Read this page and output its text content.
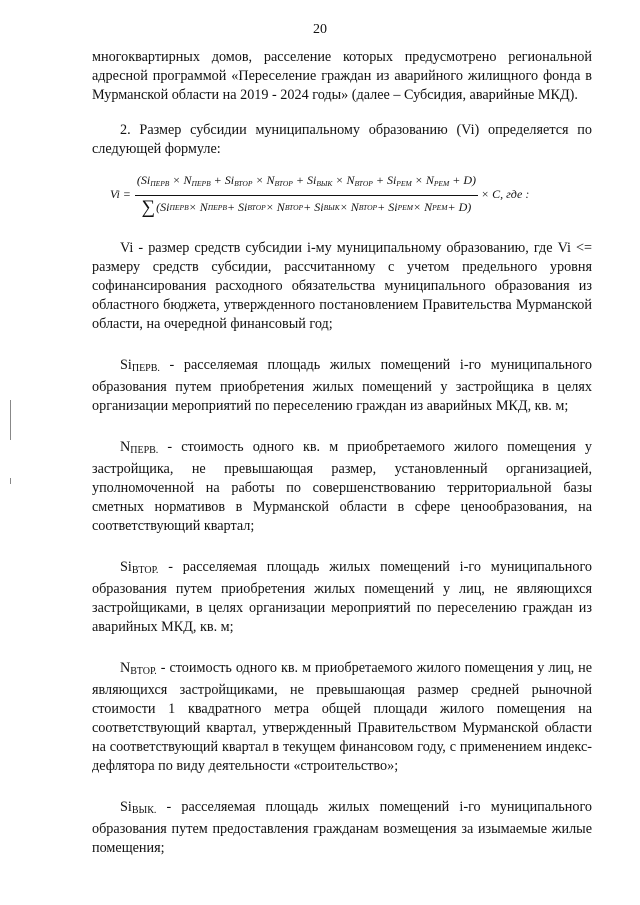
20

многоквартирных домов, расселение которых предусмотрено региональной адресной программой «Переселение граждан из аварийного жилищного фонда в Мурманской области на 2019 - 2024 годы» (далее – Субсидия, аварийные МКД).

2. Размер субсидии муниципальному образованию (Vi) определяется по следующей формуле:

Vi =
$(Si_{ПЕРВ} \times N_{ПЕРВ} + Si_{ВТОР} \times N_{ВТОР} + Si_{ВЫК} \times N_{ВТОР} + Si_{РЕМ} \times N_{РЕМ} + D)$
∑ (Si ПЕРВ × N ПЕРВ + Si ВТОР × N ВТОР + Si ВЫК × N ВТОР + Si РЕМ × N РЕМ + D)
× C, где :

Vi - размер средств субсидии i-му муниципальному образованию, где Vi <= размеру средств субсидии, рассчитанному с учетом предельного уровня софинансирования расходного обязательства муниципального образования из областного бюджета, утвержденного постановлением Правительства Мурманской области, на очередной финансовый год;

SiПЕРВ. - расселяемая площадь жилых помещений i-го муниципального образования путем приобретения жилых помещений у застройщика в целях организации мероприятий по переселению граждан из аварийных МКД, кв. м;

NПЕРВ. - стоимость одного кв. м приобретаемого жилого помещения у застройщика, не превышающая размер, установленный организацией, уполномоченной на работы по совершенствованию территориальной базы сметных нормативов в Мурманской области в сфере ценообразования, на соответствующий квартал;

SiВТОР. - расселяемая площадь жилых помещений i-го муниципального образования путем приобретения жилых помещений у лиц, не являющихся застройщиками, в целях организации мероприятий по переселению граждан из аварийных МКД, кв. м;

NВТОР. - стоимость одного кв. м приобретаемого жилого помещения у лиц, не являющихся застройщиками, не превышающая размер средней рыночной стоимости 1 квадратного метра общей площади жилого помещения на соответствующий квартал, утвержденный Правительством Мурманской области на соответствующий квартал в текущем финансовом году, с применением индекс-дефлятора по виду деятельности «строительство»;

SiВЫК. - расселяемая площадь жилых помещений i-го муниципального образования путем предоставления гражданам возмещения за изымаемые жилые помещения;
